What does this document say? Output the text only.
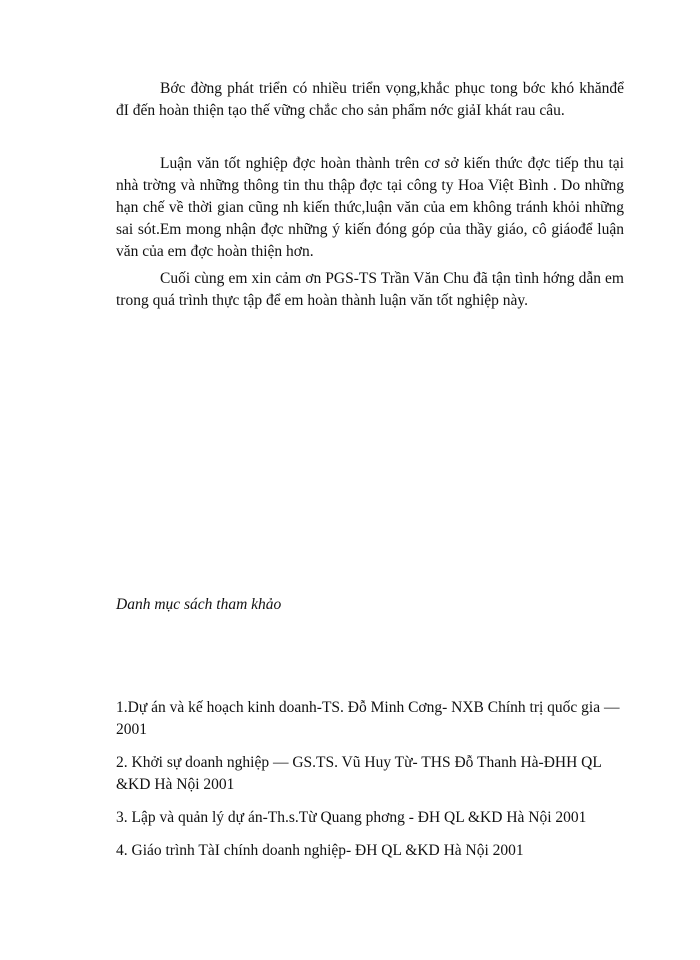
Bớc đờng phát triển có nhiều triển vọng,khắc phục tong bớc khó khănđể đI đến hoàn thiện tạo thế vững chắc cho sản phẩm nớc giảI khát rau câu.

Luận văn tốt nghiệp đợc hoàn thành trên cơ sở kiến thức đợc tiếp thu tại nhà trờng và những thông tin thu thập đợc tại công ty Hoa Việt Bình . Do những hạn chế về thời gian cũng nh kiến thức,luận văn của em không tránh khỏi những sai sót.Em mong nhận đợc những ý kiến đóng góp của thầy giáo, cô giáođể luận văn của em đợc hoàn thiện hơn.

Cuối cùng em xin cảm ơn PGS-TS Trần Văn Chu đã tận tình hớng dẫn em trong quá trình thực tập để em hoàn thành luận văn tốt nghiệp này.

Danh mục sách tham khảo
1.Dự án và kế hoạch kinh doanh-TS. Đỗ Minh Cơng- NXB Chính trị quốc gia —2001
2. Khởi sự doanh nghiệp — GS.TS. Vũ Huy Từ- THS Đỗ Thanh Hà-ĐHH QL &KD Hà Nội 2001
3. Lập và quản lý dự án-Th.s.Từ Quang phơng - ĐH QL &KD Hà Nội 2001
4. Giáo trình TàI chính doanh nghiệp- ĐH QL &KD Hà Nội 2001
